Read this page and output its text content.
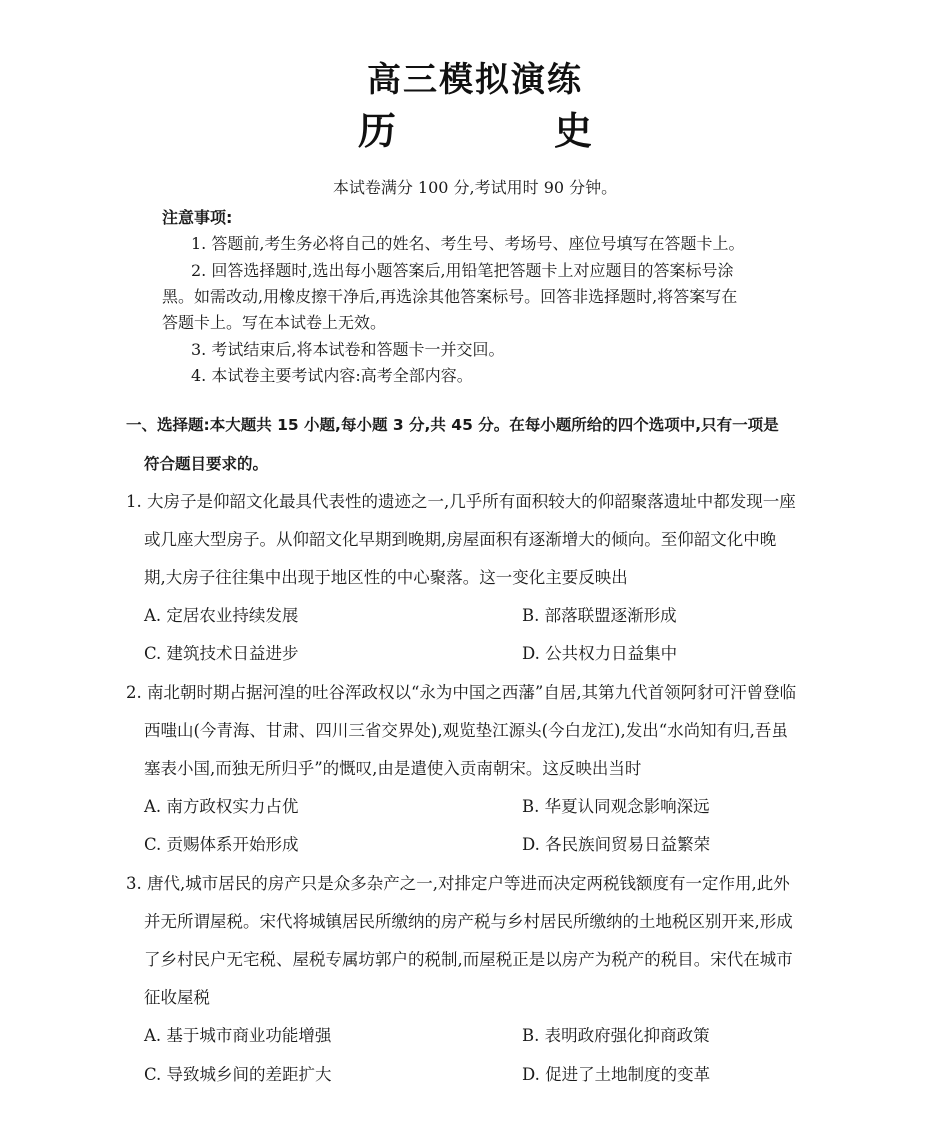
高三模拟演练
历　史
本试卷满分 100 分,考试用时 90 分钟。
注意事项:
1. 答题前,考生务必将自己的姓名、考生号、考场号、座位号填写在答题卡上。
2. 回答选择题时,选出每小题答案后,用铅笔把答题卡上对应题目的答案标号涂
黑。如需改动,用橡皮擦干净后,再选涂其他答案标号。回答非选择题时,将答案写在
答题卡上。写在本试卷上无效。
3. 考试结束后,将本试卷和答题卡一并交回。
4. 本试卷主要考试内容:高考全部内容。
一、选择题:本大题共 15 小题,每小题 3 分,共 45 分。在每小题所给的四个选项中,只有一项是
符合题目要求的。
1. 大房子是仰韶文化最具代表性的遗迹之一,几乎所有面积较大的仰韶聚落遗址中都发现一座
或几座大型房子。从仰韶文化早期到晚期,房屋面积有逐渐增大的倾向。至仰韶文化中晚
期,大房子往往集中出现于地区性的中心聚落。这一变化主要反映出
A. 定居农业持续发展	B. 部落联盟逐渐形成
C. 建筑技术日益进步	D. 公共权力日益集中
2. 南北朝时期占据河湟的吐谷浑政权以“永为中国之西藩”自居,其第九代首领阿豺可汗曾登临
西嗤山(今青海、甘肃、四川三省交界处),观览垫江源头(今白龙江),发出“水尚知有归,吾虽
塞表小国,而独无所归乎”的慨叹,由是遣使入贡南朝宋。这反映出当时
A. 南方政权实力占优	B. 华夏认同观念影响深远
C. 贡赐体系开始形成	D. 各民族间贸易日益繁荣
3. 唐代,城市居民的房产只是众多杂产之一,对排定户等进而决定两税钱额度有一定作用,此外
并无所谓屋税。宋代将城镇居民所缴纳的房产税与乡村居民所缴纳的土地税区别开来,形成
了乡村民户无宅税、屋税专属坊郭户的税制,而屋税正是以房产为税产的税目。宋代在城市
征收屋税
A. 基于城市商业功能增强	B. 表明政府强化抑商政策
C. 导致城乡间的差距扩大	D. 促进了土地制度的变革
